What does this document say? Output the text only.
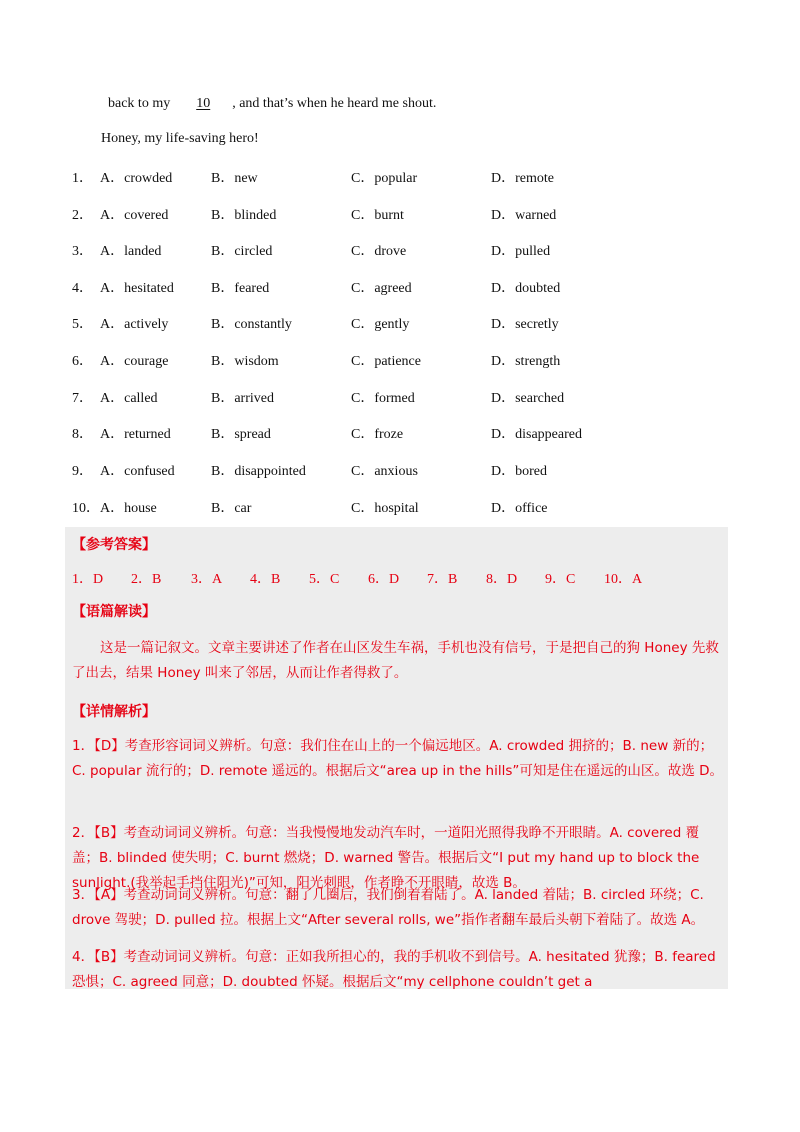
back to my 10 , and that’s when he heard me shout.
Honey, my life-saving hero!
1． A．crowded	B．new	C．popular	D．remote
2． A．covered	B．blinded	C．burnt	D．warned
3． A．landed	B．circled	C．drove	D．pulled
4． A．hesitated	B．feared	C．agreed	D．doubted
5． A．actively	B．constantly	C．gently	D．secretly
6． A．courage	B．wisdom	C．patience	D．strength
7． A．called	B．arrived	C．formed	D．searched
8． A．returned	B．spread	C．froze	D．disappeared
9． A．confused	B．disappointed	C．anxious	D．bored
10． A．house	B．car	C．hospital	D．office
【参考答案】
1．D 2．B 3．A 4．B 5．C 6．D 7．B 8．D 9．C 10．A
【语篇解读】
这是一篇记叙文。文章主要讲述了作者在山区发生车祸，手机也没有信号，于是把自己的狗 Honey 先救了出去，结果 Honey 叫来了邻居，从而让作者得救了。
【详情解析】
1．【D】考查形容词词义辨析。句意：我们住在山上的一个偏远地区。A. crowded 拥挤的；B. new 新的；C. popular 流行的；D. remote 遥远的。根据后文“area up in the hills”可知是住在遥远的山区。故选 D。
2．【B】考查动词词义辨析。句意：当我慢慢地发动汽车时，一道阳光照得我睁不开眼睛。A. covered 覆盖；B. blinded 使失明；C. burnt 燃烧；D. warned 警告。根据后文“I put my hand up to block the sunlight.(我举起手挡住阳光)”可知，阳光刺眼，作者睁不开眼睛，故选 B。
3．【A】考查动词词义辨析。句意：翻了几圈后，我们倒着着陆了。A. landed 着陆；B. circled 环绕；C. drove 驾驶；D. pulled 拉。根据上文“After several rolls, we”指作者翻车最后头朝下着陆了。故选 A。
4．【B】考查动词词义辨析。句意：正如我所担心的，我的手机收不到信号。A. hesitated 犹豫；B. feared 恐惧；C. agreed 同意；D. doubted 怀疑。根据后文“my cellphone couldn’t get a
